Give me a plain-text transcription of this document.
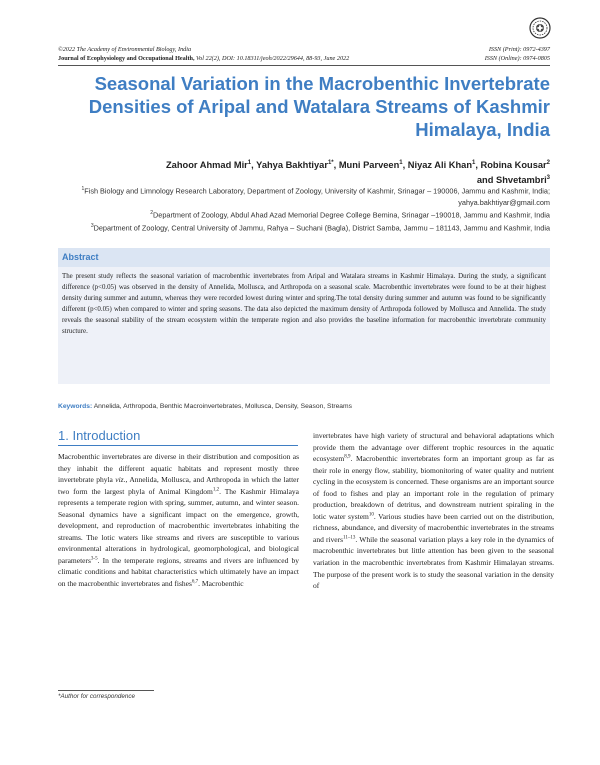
©2022 The Academy of Environmental Biology, India
Journal of Ecophysiology and Occupational Health, Vol 22(2), DOI: 10.18311/jeoh/2022/29644, 88-93, June 2022
ISSN (Print): 0972-4397
ISSN (Online): 0974-0805
Seasonal Variation in the Macrobenthic Invertebrate Densities of Aripal and Watalara Streams of Kashmir Himalaya, India
Zahoor Ahmad Mir$^1$, Yahya Bakhtiyar$^{1*}$, Muni Parveen$^1$, Niyaz Ali Khan$^1$, Robina Kousar$^2$
and Shvetambri$^3$

$^1$Fish Biology and Limnology Research Laboratory, Department of Zoology, University of Kashmir, Srinagar – 190006, Jammu and Kashmir, India; yahya.bakhtiyar@gmail.com

$^2$Department of Zoology, Abdul Ahad Azad Memorial Degree College Bemina, Srinagar –190018, Jammu and Kashmir, India

$^3$Department of Zoology, Central University of Jammu, Rahya – Suchani (Bagla), District Samba, Jammu – 181143, Jammu and Kashmir, India

Abstract

The present study reflects the seasonal variation of macrobenthic invertebrates from Aripal and Watalara streams in Kashmir Himalaya. During the study, a significant difference (p<0.05) was observed in the density of Annelida, Mollusca, and Arthropoda on a seasonal scale. Macrobenthic invertebrates were found to be at their highest density during summer and autumn, whereas they were recorded lowest during winter and spring.The total density during summer and autumn was found to be significantly different (p<0.05) when compared to winter and spring seasons. The data also depicted the maximum density of Arthropoda followed by Mollusca and Annelida. The study reveals the seasonal stability of the stream ecosystem within the temperate region and also provides the baseline information for macrobenthic invertebrate community structure.

Keywords: Annelida, Arthropoda, Benthic Macroinvertebrates, Mollusca, Density, Season, Streams
1. Introduction

Macrobenthic invertebrates are diverse in their distribution and composition as they inhabit the different aquatic habitats and represent mostly three invertebrate phyla viz., Annelida, Mollusca, and Arthropoda in which the latter two form the largest phyla of Animal Kingdom$^{1,2}$. The Kashmir Himalaya represents a temperate region with spring, summer, autumn, and winter season. Seasonal dynamics have a significant impact on the emergence, growth, development, and reproduction of macrobenthic invertebrates inhabiting the streams. The lotic waters like streams and rivers are susceptible to various environmental alterations in hydrological, geomorphological, and biological parameters$^{3-5}$. In the temperate regions, streams and rivers are influenced by climatic conditions and habitat characteristics which ultimately have an impact on the macrobenthic invertebrates and fishes$^{6,7}$. Macrobenthic

invertebrates have high variety of structural and behavioral adaptations which provide them the advantage over different trophic resources in the aquatic ecosystem$^{8,9}$. Macrobenthic invertebrates form an important group as far as their role in energy flow, stability, biomonitoring of water quality and nutrient cycling in the ecosystem is concerned. These organisms are an important source of food to fishes and play an important role in the regulation of primary production, breakdown of detritus, and downstream nutrient spiraling in the lotic water system$^{10}$. Various studies have been carried out on the distribution, richness, abundance, and diversity of macrobenthic invertebrates in the streams and rivers$^{11-13}$. While the seasonal variation plays a key role in the dynamics of macrobenthic invertebrates but little attention has been given to the seasonal variation in the macrobenthic invertebrates from Kashmir Himalayan streams. The purpose of the present work is to study the seasonal variation in the density of

*Author for correspondence
